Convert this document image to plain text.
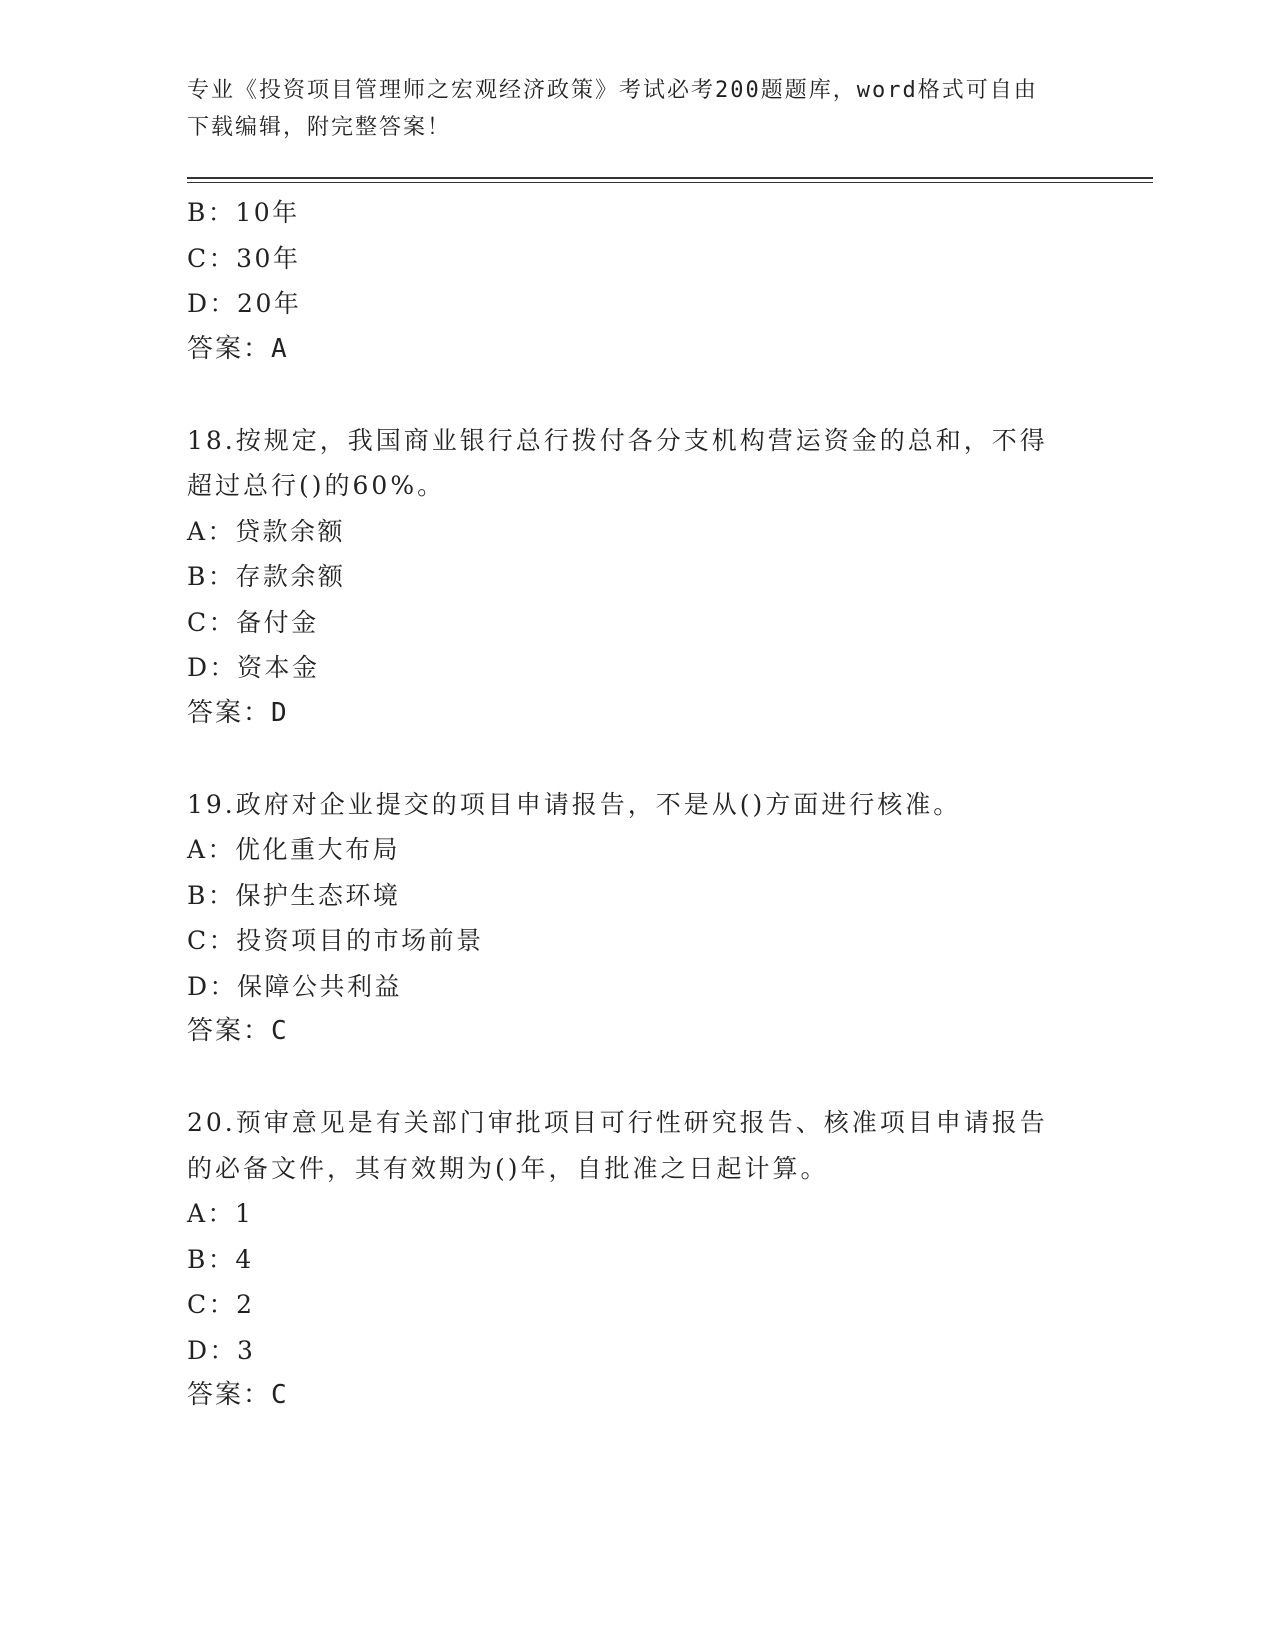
专业《投资项目管理师之宏观经济政策》考试必考200题题库，word格式可自由
下载编辑，附完整答案！
B：10年
C：30年
D：20年
答案：A
18.按规定，我国商业银行总行拨付各分支机构营运资金的总和，不得
超过总行()的60%。
A：贷款余额
B：存款余额
C：备付金
D：资本金
答案：D
19.政府对企业提交的项目申请报告，不是从()方面进行核准。
A：优化重大布局
B：保护生态环境
C：投资项目的市场前景
D：保障公共利益
答案：C
20.预审意见是有关部门审批项目可行性研究报告、核准项目申请报告
的必备文件，其有效期为()年，自批准之日起计算。
A：1
B：4
C：2
D：3
答案：C
